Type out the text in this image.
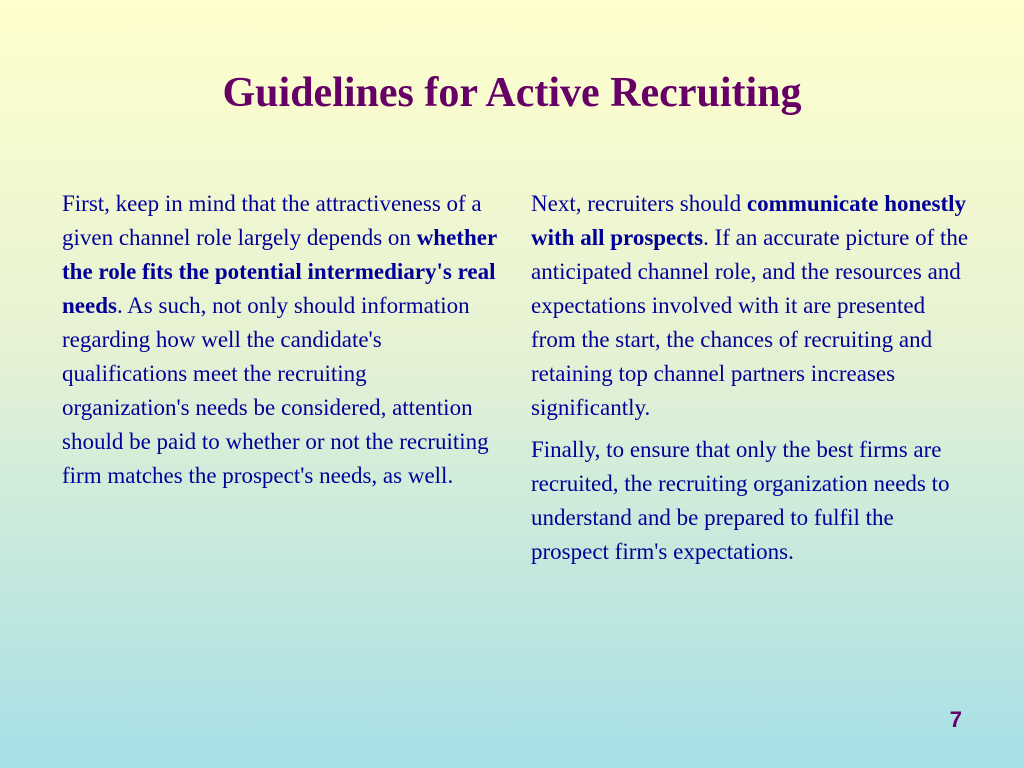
Guidelines for Active Recruiting

First, keep in mind that the attractiveness of a given channel role largely depends on whether the role fits the potential intermediary's real needs. As such, not only should information regarding how well the candidate's qualifications meet the recruiting organization's needs be considered, attention should be paid to whether or not the recruiting firm matches the prospect's needs, as well.

Next, recruiters should communicate honestly with all prospects. If an accurate picture of the anticipated channel role, and the resources and expectations involved with it are presented from the start, the chances of recruiting and retaining top channel partners increases significantly.

Finally, to ensure that only the best firms are recruited, the recruiting organization needs to understand and be prepared to fulfil the prospect firm's expectations.

7
